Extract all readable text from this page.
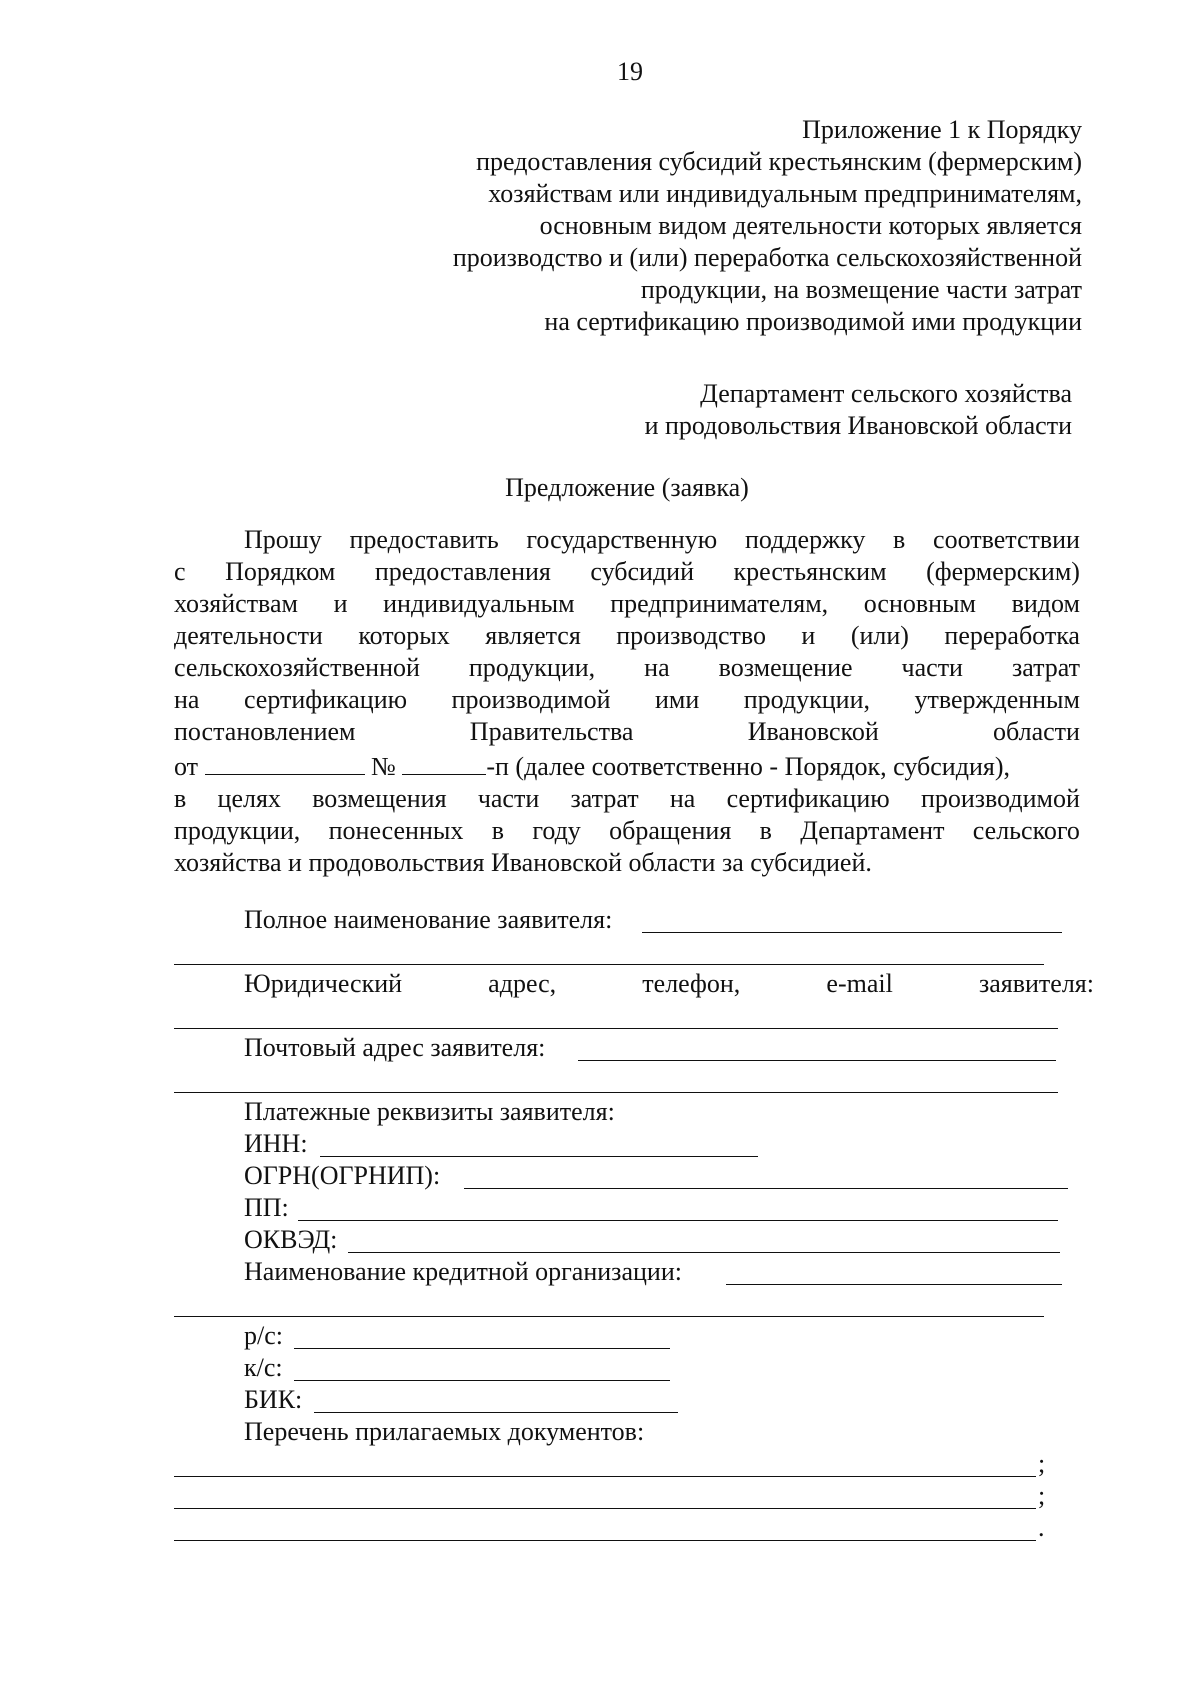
19
Приложение 1 к Порядку
предоставления субсидий крестьянским (фермерским)
хозяйствам или индивидуальным предпринимателям,
основным видом деятельности которых является
производство и (или) переработка сельскохозяйственной
продукции, на возмещение части затрат
на сертификацию производимой ими продукции
Департамент сельского хозяйства
и продовольствия Ивановской области
Предложение (заявка)
Прошу предоставить государственную поддержку в соответствии
с Порядком предоставления субсидий крестьянским (фермерским)
хозяйствам и индивидуальным предпринимателям, основным видом
деятельности которых является производство и (или) переработка
сельскохозяйственной продукции, на возмещение части затрат
на сертификацию производимой ими продукции, утвержденным
постановлением	Правительства	Ивановской	области
от	№	-п (далее соответственно - Порядок, субсидия),
в целях возмещения части затрат на сертификацию производимой
продукции, понесенных в году обращения в Департамент сельского
хозяйства и продовольствия Ивановской области за субсидией.
Полное наименование заявителя:
Юридический	адрес,	телефон,	e-mail	заявителя:
Почтовый адрес заявителя:
Платежные реквизиты заявителя:
ИНН:
ОГРН(ОГРНИП):
ПП:
ОКВЭД:
Наименование кредитной организации:
р/с:
к/с:
БИК:
Перечень прилагаемых документов:
;
;
.
